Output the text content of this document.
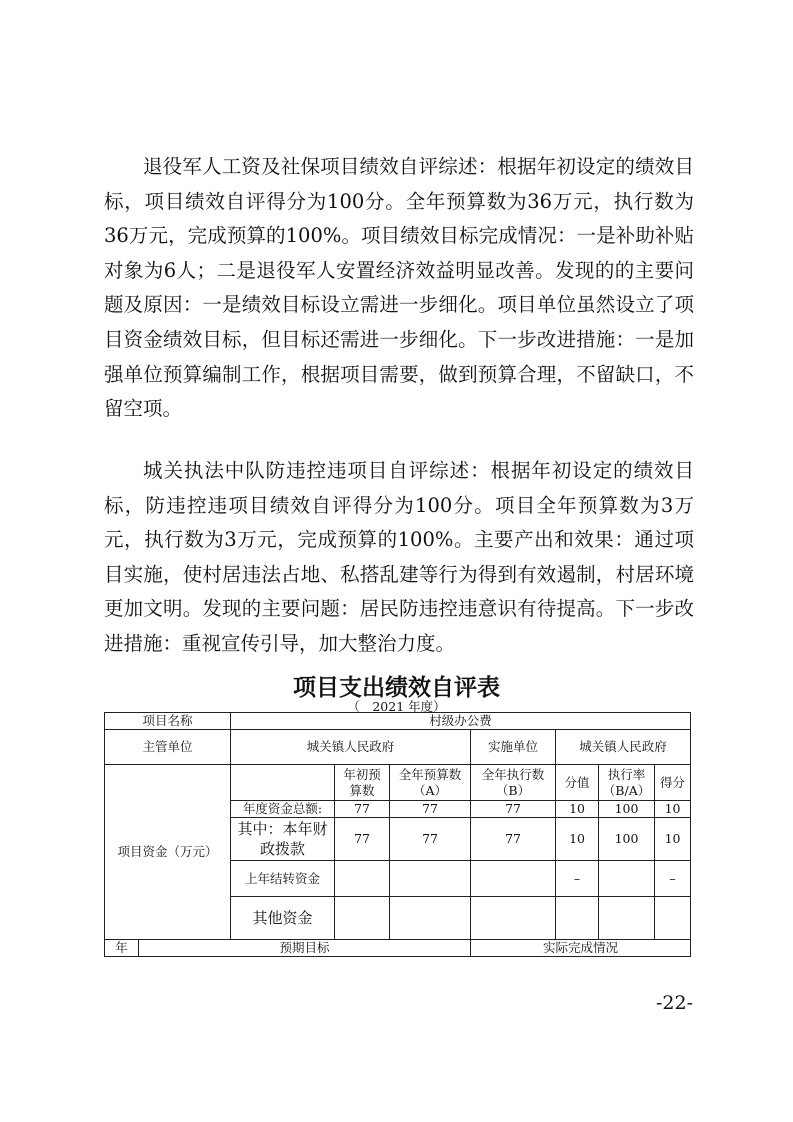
退役军人工资及社保项目绩效自评综述：根据年初设定的绩效目标，项目绩效自评得分为100分。全年预算数为36万元，执行数为36万元，完成预算的100%。项目绩效目标完成情况：一是补助补贴对象为6人；二是退役军人安置经济效益明显改善。发现的的主要问题及原因：一是绩效目标设立需进一步细化。项目单位虽然设立了项目资金绩效目标，但目标还需进一步细化。下一步改进措施：一是加强单位预算编制工作，根据项目需要，做到预算合理，不留缺口，不留空项。

城关执法中队防违控违项目自评综述：根据年初设定的绩效目标，防违控违项目绩效自评得分为100分。项目全年预算数为3万元，执行数为3万元，完成预算的100%。主要产出和效果：通过项目实施，使村居违法占地、私搭乱建等行为得到有效遏制，村居环境更加文明。发现的主要问题：居民防违控违意识有待提高。下一步改进措施：重视宣传引导，加大整治力度。

项目支出绩效自评表
（　2021 年度）
项目名称		村级办公费						
主管单位		城关镇人民政府			实施单位	城关镇人民政府		
项目资金（万元）			年初预算数	全年预算数（A）	全年执行数（B）	分值	执行率（B/A）	得分
		年度资金总额:	77	77	77	10	100	10
		其中：本年财政拨款	77	77	77	10	100	10
		上年结转资金				–		–
		其他资金						
年	预期目标				实际完成情况			
-22-
